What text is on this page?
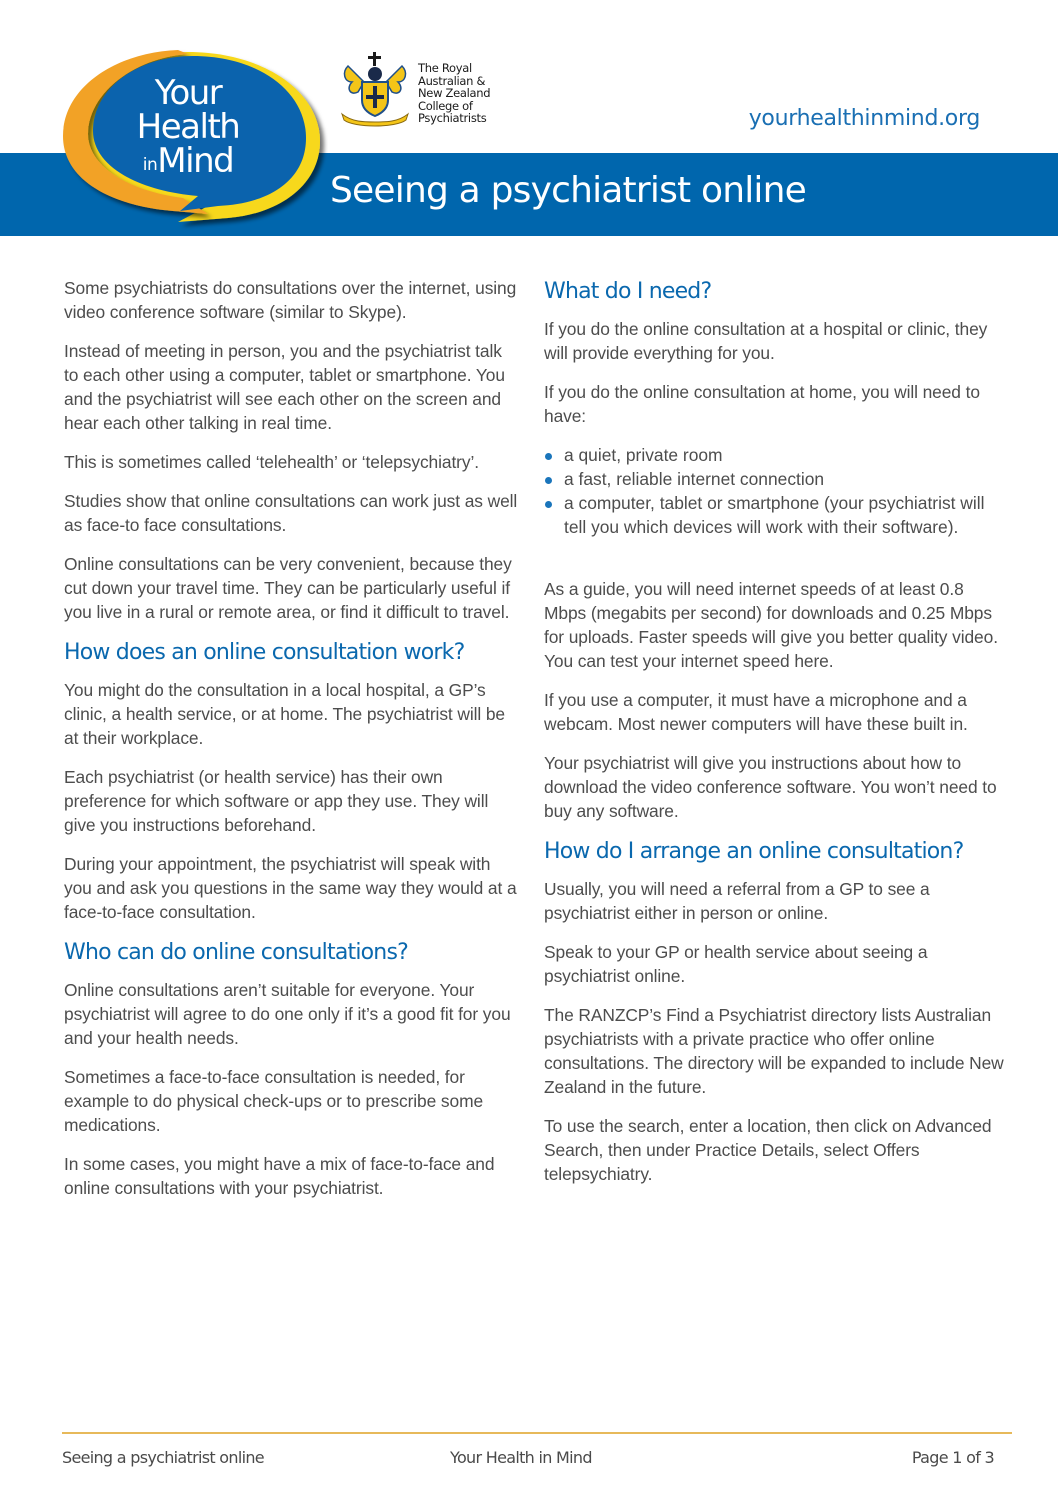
Your
Health
$^{in}$Mind
The Royal
Australian &
New Zealand
College of
Psychiatrists	yourhealthinmind.org
Seeing a psychiatrist online

Some psychiatrists do consultations over the internet, using video conference software (similar to Skype).

Instead of meeting in person, you and the psychiatrist talk to each other using a computer, tablet or smartphone. You and the psychiatrist will see each other on the screen and hear each other talking in real time.

This is sometimes called ‘telehealth’ or ‘telepsychiatry’.

Studies show that online consultations can work just as well as face-to face consultations.

Online consultations can be very convenient, because they cut down your travel time. They can be particularly useful if you live in a rural or remote area, or find it difficult to travel.

How does an online consultation work?

You might do the consultation in a local hospital, a GP’s clinic, a health service, or at home. The psychiatrist will be at their workplace.

Each psychiatrist (or health service) has their own preference for which software or app they use. They will give you instructions beforehand.

During your appointment, the psychiatrist will speak with you and ask you questions in the same way they would at a face-to-face consultation.

Who can do online consultations?

Online consultations aren’t suitable for everyone. Your psychiatrist will agree to do one only if it’s a good fit for you and your health needs.

Sometimes a face-to-face consultation is needed, for example to do physical check-ups or to prescribe some medications.

In some cases, you might have a mix of face-to-face and online consultations with your psychiatrist.

What do I need?

If you do the online consultation at a hospital or clinic, they will provide everything for you.

If you do the online consultation at home, you will need to have:

a quiet, private room
a fast, reliable internet connection
a computer, tablet or smartphone (your psychiatrist will tell you which devices will work with their software).

As a guide, you will need internet speeds of at least 0.8 Mbps (megabits per second) for downloads and 0.25 Mbps for uploads. Faster speeds will give you better quality video. You can test your internet speed here.

If you use a computer, it must have a microphone and a webcam. Most newer computers will have these built in.

Your psychiatrist will give you instructions about how to download the video conference software. You won’t need to buy any software.

How do I arrange an online consultation?

Usually, you will need a referral from a GP to see a psychiatrist either in person or online.

Speak to your GP or health service about seeing a psychiatrist online.

The RANZCP’s Find a Psychiatrist directory lists Australian psychiatrists with a private practice who offer online consultations. The directory will be expanded to include New Zealand in the future.

To use the search, enter a location, then click on Advanced Search, then under Practice Details, select Offers telepsychiatry.

Seeing a psychiatrist online	Your Health in Mind	Page 1 of 3
